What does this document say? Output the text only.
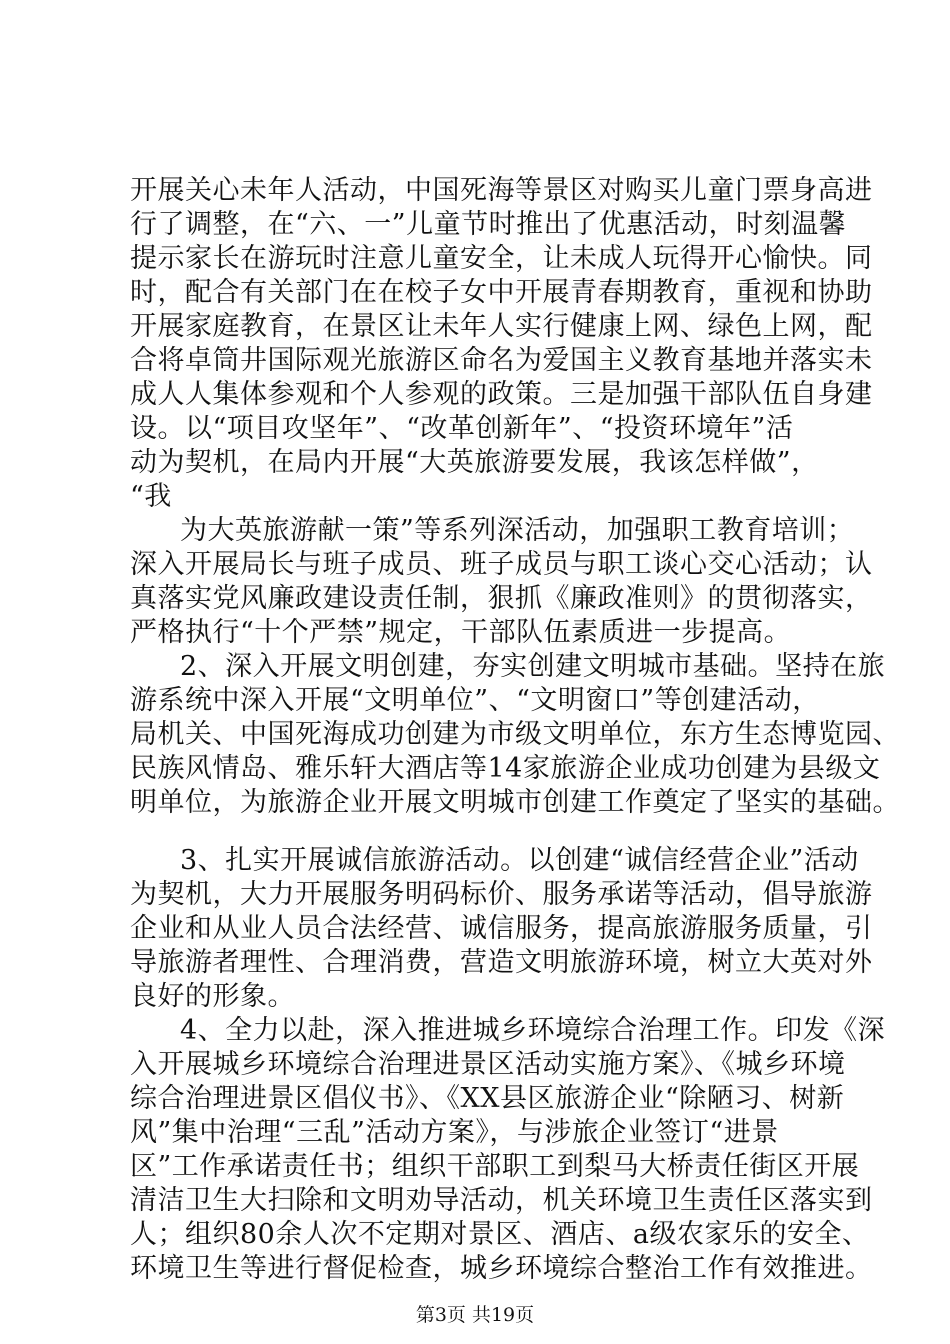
开展关心未年人活动，中国死海等景区对购买儿童门票身高进
行了调整，在“六、一”儿童节时推出了优惠活动，时刻温馨
提示家长在游玩时注意儿童安全，让未成人玩得开心愉快。同
时，配合有关部门在在校子女中开展青春期教育，重视和协助
开展家庭教育，在景区让未年人实行健康上网、绿色上网，配
合将卓筒井国际观光旅游区命名为爱国主义教育基地并落实未
成人人集体参观和个人参观的政策。三是加强干部队伍自身建
设。以“项目攻坚年”、“改革创新年”、“投资环境年”活
动为契机，在局内开展“大英旅游要发展，我该怎样做”，
“我
为大英旅游献一策”等系列深活动，加强职工教育培训；
深入开展局长与班子成员、班子成员与职工谈心交心活动；认
真落实党风廉政建设责任制，狠抓《廉政准则》的贯彻落实，
严格执行“十个严禁”规定，干部队伍素质进一步提高。
2、深入开展文明创建，夯实创建文明城市基础。坚持在旅
游系统中深入开展“文明单位”、“文明窗口”等创建活动，
局机关、中国死海成功创建为市级文明单位，东方生态博览园、
民族风情岛、雅乐轩大酒店等14家旅游企业成功创建为县级文
明单位，为旅游企业开展文明城市创建工作奠定了坚实的基础。
3、扎实开展诚信旅游活动。以创建“诚信经营企业”活动
为契机，大力开展服务明码标价、服务承诺等活动，倡导旅游
企业和从业人员合法经营、诚信服务，提高旅游服务质量，引
导旅游者理性、合理消费，营造文明旅游环境，树立大英对外
良好的形象。
4、全力以赴，深入推进城乡环境综合治理工作。印发《深
入开展城乡环境综合治理进景区活动实施方案》、《城乡环境
综合治理进景区倡仪书》、《XX县区旅游企业“除陋习、树新
风”集中治理“三乱”活动方案》，与涉旅企业签订“进景
区”工作承诺责任书；组织干部职工到梨马大桥责任街区开展
清洁卫生大扫除和文明劝导活动，机关环境卫生责任区落实到
人；组织80余人次不定期对景区、酒店、a级农家乐的安全、
环境卫生等进行督促检查，城乡环境综合整治工作有效推进。
第3页 共19页
